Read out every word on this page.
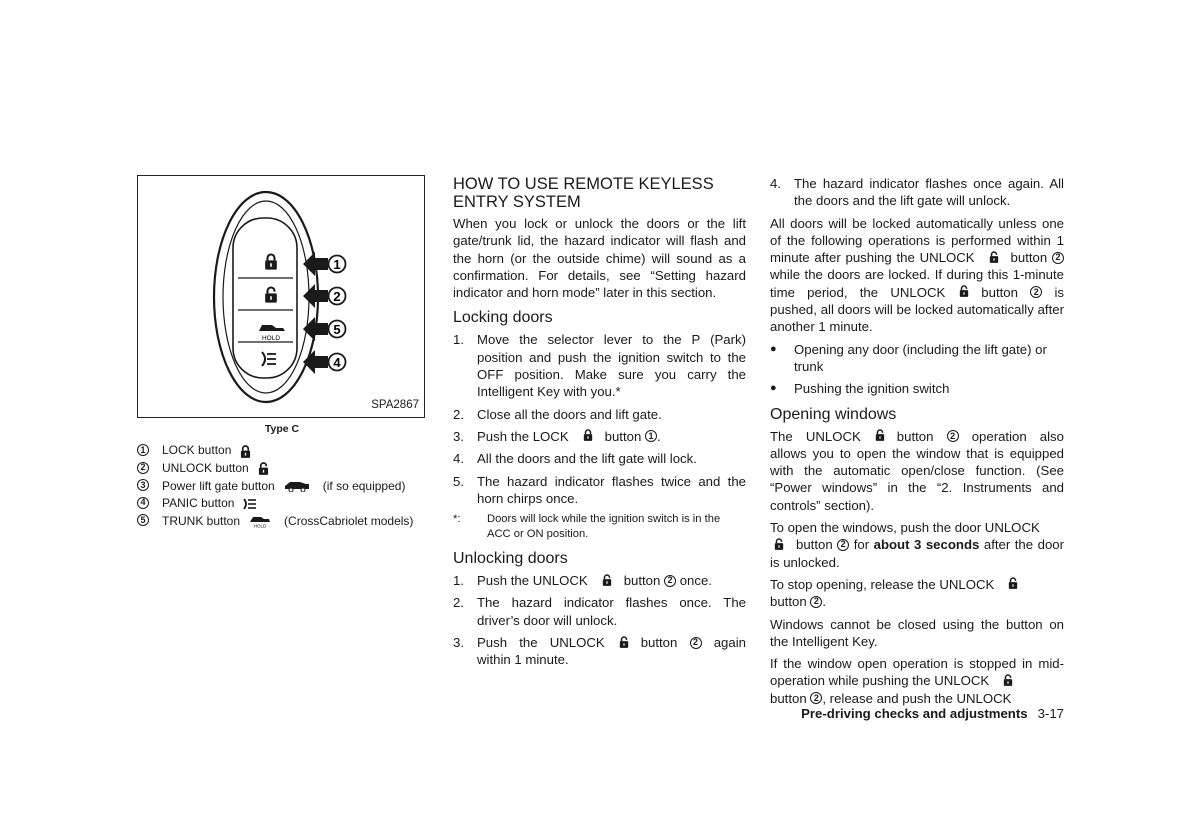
HOLD
1
2
5
4
SPA2867
Type C
1 LOCK button
2 UNLOCK button
3 Power lift gate button	(if so equipped)
4 PANIC button
5 TRUNK button	HOLD (CrossCabriolet models)
HOW TO USE REMOTE KEYLESS ENTRY SYSTEM

When you lock or unlock the doors or the lift gate/trunk lid, the hazard indicator will flash and the horn (or the outside chime) will sound as a confirmation. For details, see “Setting hazard indicator and horn mode” later in this section.

Locking doors
1. Move the selector lever to the P (Park) position and push the ignition switch to the OFF position. Make sure you carry the Intelligent Key with you.*
2. Close all the doors and lift gate.
3. Push the LOCK	button 1 .
4. All the doors and the lift gate will lock.
5. The hazard indicator flashes twice and the horn chirps once.
*:	Doors will lock while the ignition switch is in the ACC or ON position.
Unlocking doors
1. Push the UNLOCK	button 2 once.
2. The hazard indicator flashes once. The driver’s door will unlock.
3. Push the UNLOCK	button 2 again within 1 minute.
4. The hazard indicator flashes once again. All the doors and the lift gate will unlock.

All doors will be locked automatically unless one of the following operations is performed within 1 minute after pushing the UNLOCK	button 2 while the doors are locked. If during this 1-minute time period, the UNLOCK	button 2 is pushed, all doors will be locked automatically after another 1 minute.

●	Opening any door (including the lift gate) or trunk
●	Pushing the ignition switch
Opening windows

The UNLOCK	button 2 operation also allows you to open the window that is equipped with the automatic open/close function. (See “Power windows” in the “2. Instruments and controls” section).

To open the windows, push the door UNLOCK
button 2 for about 3 seconds after the door is unlocked.

To stop opening, release the UNLOCK
button 2 .

Windows cannot be closed using the button on the Intelligent Key.

If the window open operation is stopped in mid-operation while pushing the UNLOCK
button 2 , release and push the UNLOCK

Pre-driving checks and adjustments 3-17
